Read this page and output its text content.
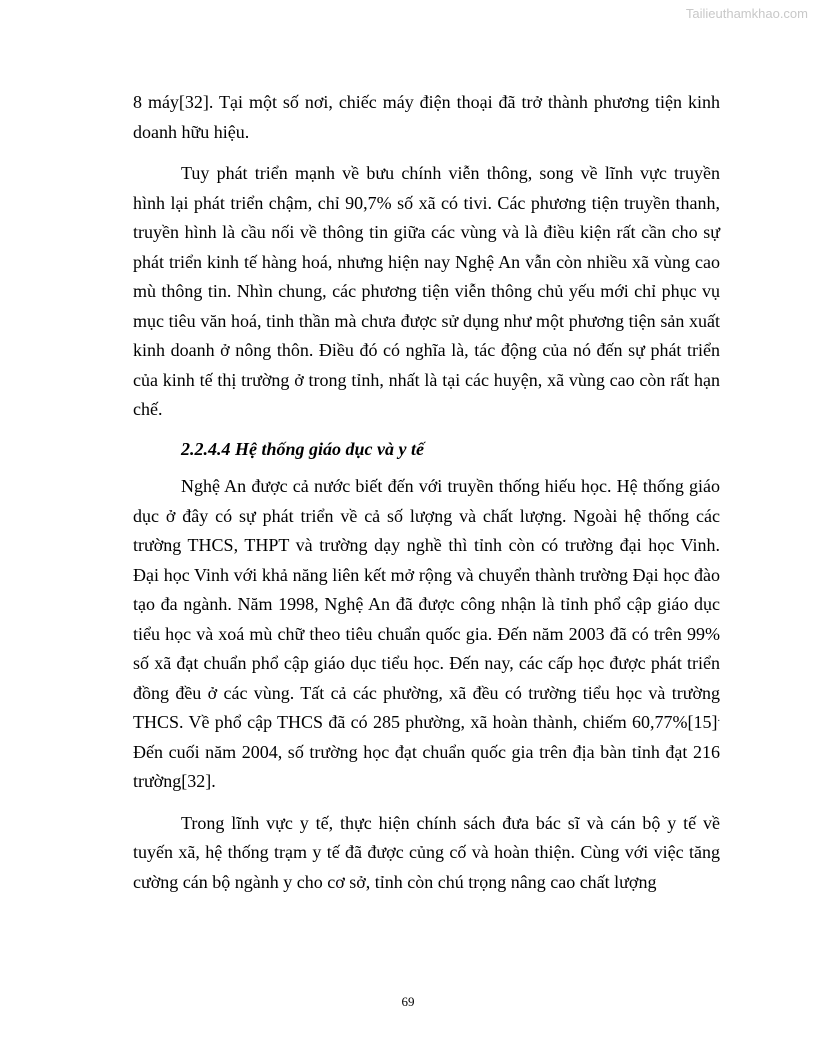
Tailieuthamkhao.com

8 máy[32]. Tại một số nơi, chiếc máy điện thoại đã trở thành phương tiện kinh doanh hữu hiệu.

Tuy phát triển mạnh về bưu chính viễn thông, song về lĩnh vực truyền hình lại phát triển chậm, chỉ 90,7% số xã có tivi. Các phương tiện truyền thanh, truyền hình là cầu nối về thông tin giữa các vùng và là điều kiện rất cần cho sự phát triển kinh tế hàng hoá, nhưng hiện nay Nghệ An vẫn còn nhiều xã vùng cao mù thông tin. Nhìn chung, các phương tiện viễn thông chủ yếu mới chỉ phục vụ mục tiêu văn hoá, tinh thần mà chưa được sử dụng như một phương tiện sản xuất kinh doanh ở nông thôn. Điều đó có nghĩa là, tác động của nó đến sự phát triển của kinh tế thị trường ở trong tỉnh, nhất là tại các huyện, xã vùng cao còn rất hạn chế.

2.2.4.4 Hệ thống giáo dục và y tế

Nghệ An được cả nước biết đến với truyền thống hiếu học. Hệ thống giáo dục ở đây có sự phát triển về cả số lượng và chất lượng. Ngoài hệ thống các trường THCS, THPT và trường dạy nghề thì tỉnh còn có trường đại học Vinh. Đại học Vinh với khả năng liên kết mở rộng và chuyển thành trường Đại học đào tạo đa ngành. Năm 1998, Nghệ An đã được công nhận là tỉnh phổ cập giáo dục tiểu học và xoá mù chữ theo tiêu chuẩn quốc gia. Đến năm 2003 đã có trên 99% số xã đạt chuẩn phổ cập giáo dục tiểu học. Đến nay, các cấp học được phát triển đồng đều ở các vùng. Tất cả các phường, xã đều có trường tiểu học và trường THCS. Về phổ cập THCS đã có 285 phường, xã hoàn thành, chiếm 60,77%[15]. Đến cuối năm 2004, số trường học đạt chuẩn quốc gia trên địa bàn tỉnh đạt 216 trường[32].

Trong lĩnh vực y tế, thực hiện chính sách đưa bác sĩ và cán bộ y tế về tuyến xã, hệ thống trạm y tế đã được củng cố và hoàn thiện. Cùng với việc tăng cường cán bộ ngành y cho cơ sở, tỉnh còn chú trọng nâng cao chất lượng

69
